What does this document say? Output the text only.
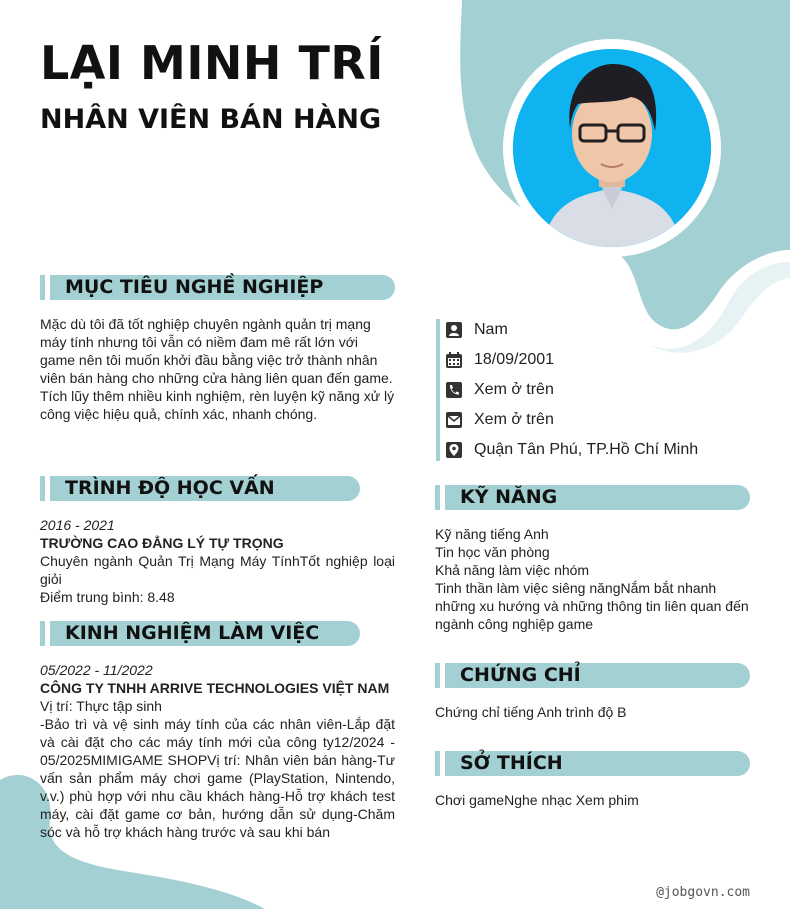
LẠI MINH TRÍ
NHÂN VIÊN BÁN HÀNG
MỤC TIÊU NGHỀ NGHIỆP
Mặc dù tôi đã tốt nghiệp chuyên ngành quản trị mạng máy tính nhưng tôi vẫn có niềm đam mê rất lớn với game nên tôi muốn khởi đầu bằng việc trở thành nhân viên bán hàng cho những cửa hàng liên quan đến game. Tích lũy thêm nhiều kinh nghiệm, rèn luyện kỹ năng xử lý công việc hiệu quả, chính xác, nhanh chóng.
TRÌNH ĐỘ HỌC VẤN
2016 - 2021
TRƯỜNG CAO ĐẲNG LÝ TỰ TRỌNG
Chuyên ngành Quản Trị Mạng Máy TínhTốt nghiệp loại giỏi
Điểm trung bình: 8.48
KINH NGHIỆM LÀM VIỆC
05/2022 - 11/2022
CÔNG TY TNHH ARRIVE TECHNOLOGIES VIỆT NAM
Vị trí: Thực tập sinh
-Bảo trì và vệ sinh máy tính của các nhân viên-Lắp đặt và cài đặt cho các máy tính mới của công ty12/2024 - 05/2025MIMIGAME SHOPVị trí: Nhân viên bán hàng-Tư vấn sản phẩm máy chơi game (PlayStation, Nintendo, v.v.) phù hợp với nhu cầu khách hàng-Hỗ trợ khách test máy, cài đặt game cơ bản, hướng dẫn sử dụng-Chăm sóc và hỗ trợ khách hàng trước và sau khi bán
Nam
18/09/2001
Xem ở trên
Xem ở trên
Quận Tân Phú, TP.Hồ Chí Minh
KỸ NĂNG
Kỹ năng tiếng Anh
Tin học văn phòng
Khả năng làm việc nhóm
Tinh thần làm việc siêng năngNắm bắt nhanh những xu hướng và những thông tin liên quan đến ngành công nghiệp game
CHỨNG CHỈ
Chứng chỉ tiếng Anh trình độ B
SỞ THÍCH
Chơi gameNghe nhạc Xem phim
@jobgovn.com
